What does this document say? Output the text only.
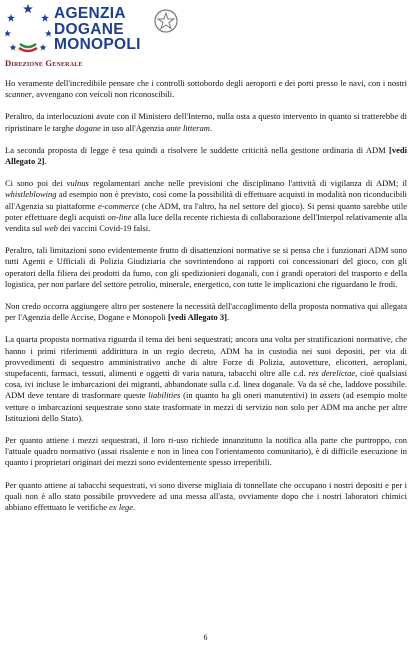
AGENZIA
DOGANE
MONOPOLI
Direzione Generale

Ho veramente dell'incredibile pensare che i controlli sottobordo degli aeroporti e dei porti presso le navi, con i nostri scanner, avvengano con veicoli non riconoscibili.

Peraltro, da interlocuzioni avute con il Ministero dell'Interno, nulla osta a questo intervento in quanto si tratterebbe di ripristinare le targhe dogane in uso all'Agenzia ante litteram.

La seconda proposta di legge è tesa quindi a risolvere le suddette criticità nella gestione ordinaria di ADM [vedi Allegato 2].

Ci sono poi dei vulnus regolamentari anche nelle previsioni che disciplinano l'attività di vigilanza di ADM; il whistleblowing ad esempio non è previsto, così come la possibilità di effettuare acquisti in modalità non riconducibili all'Agenzia su piattaforme e-commerce (che ADM, tra l'altro, ha nel settore del gioco). Si pensi quanto sarebbe utile poter effettuare degli acquisti on-line alla luce della recente richiesta di collaborazione dell'Interpol relativamente alla vendita sul web dei vaccini Covid-19 falsi.

Peraltro, tali limitazioni sono evidentemente frutto di disattenzioni normative se si pensa che i funzionari ADM sono tutti Agenti e Ufficiali di Polizia Giudiziaria che sovrintendono ai rapporti coi concessionari del gioco, con gli operatori della filiera dei prodotti da fumo, con gli spedizionieri doganali, con i grandi operatori del trasporto e della logistica, per non parlare del settore petrolio, minerale, energetico, con tutte le implicazioni che riguardano le frodi.

Non credo occorra aggiungere altro per sostenere la necessità dell'accoglimento della proposta normativa qui allegata per l'Agenzia delle Accise, Dogane e Monopoli [vedi Allegato 3].

La quarta proposta normativa riguarda il tema dei beni sequestrati; ancora una volta per stratificazioni normative, che hanno i primi riferimenti addirittura in un regio decreto, ADM ha in custodia nei suoi depositi, per via di provvedimenti di sequestro amministrativo anche di altre Forze di Polizia, autovetture, elicotteri, aeroplani, stupefacenti, farmaci, tessuti, alimenti e oggetti di varia natura, tabacchi oltre alle c.d. res derelictae, cioè qualsiasi cosa, ivi incluse le imbarcazioni dei migranti, abbandonate sulla c.d. linea doganale. Va da sé che, laddove possibile. ADM deve tentare di trasformare queste liabilities (in quanto ha gli oneri manutentivi) in assets (ad esempio molte vetture o imbarcazioni sequestrate sono state trasformate in mezzi di servizio non solo per ADM ma anche per altre Istituzioni dello Stato).

Per quanto attiene i mezzi sequestrati, il loro ri-uso richiede innanzitutto la notifica alla parte che purtroppo, con l'attuale quadro normativo (assai risalente e non in linea con l'orientamento comunitario), è di difficile esecuzione in quanto i proprietari originari dei mezzi sono evidentemente spesso irreperibili.

Per quanto attiene ai tabacchi sequestrati, vi sono diverse migliaia di tonnellate che occupano i nostri depositi e per i quali non è allo stato possibile provvedere ad una messa all'asta, ovviamente dopo che i nostri laboratori chimici abbiano effettuato le verifiche ex lege.

6
